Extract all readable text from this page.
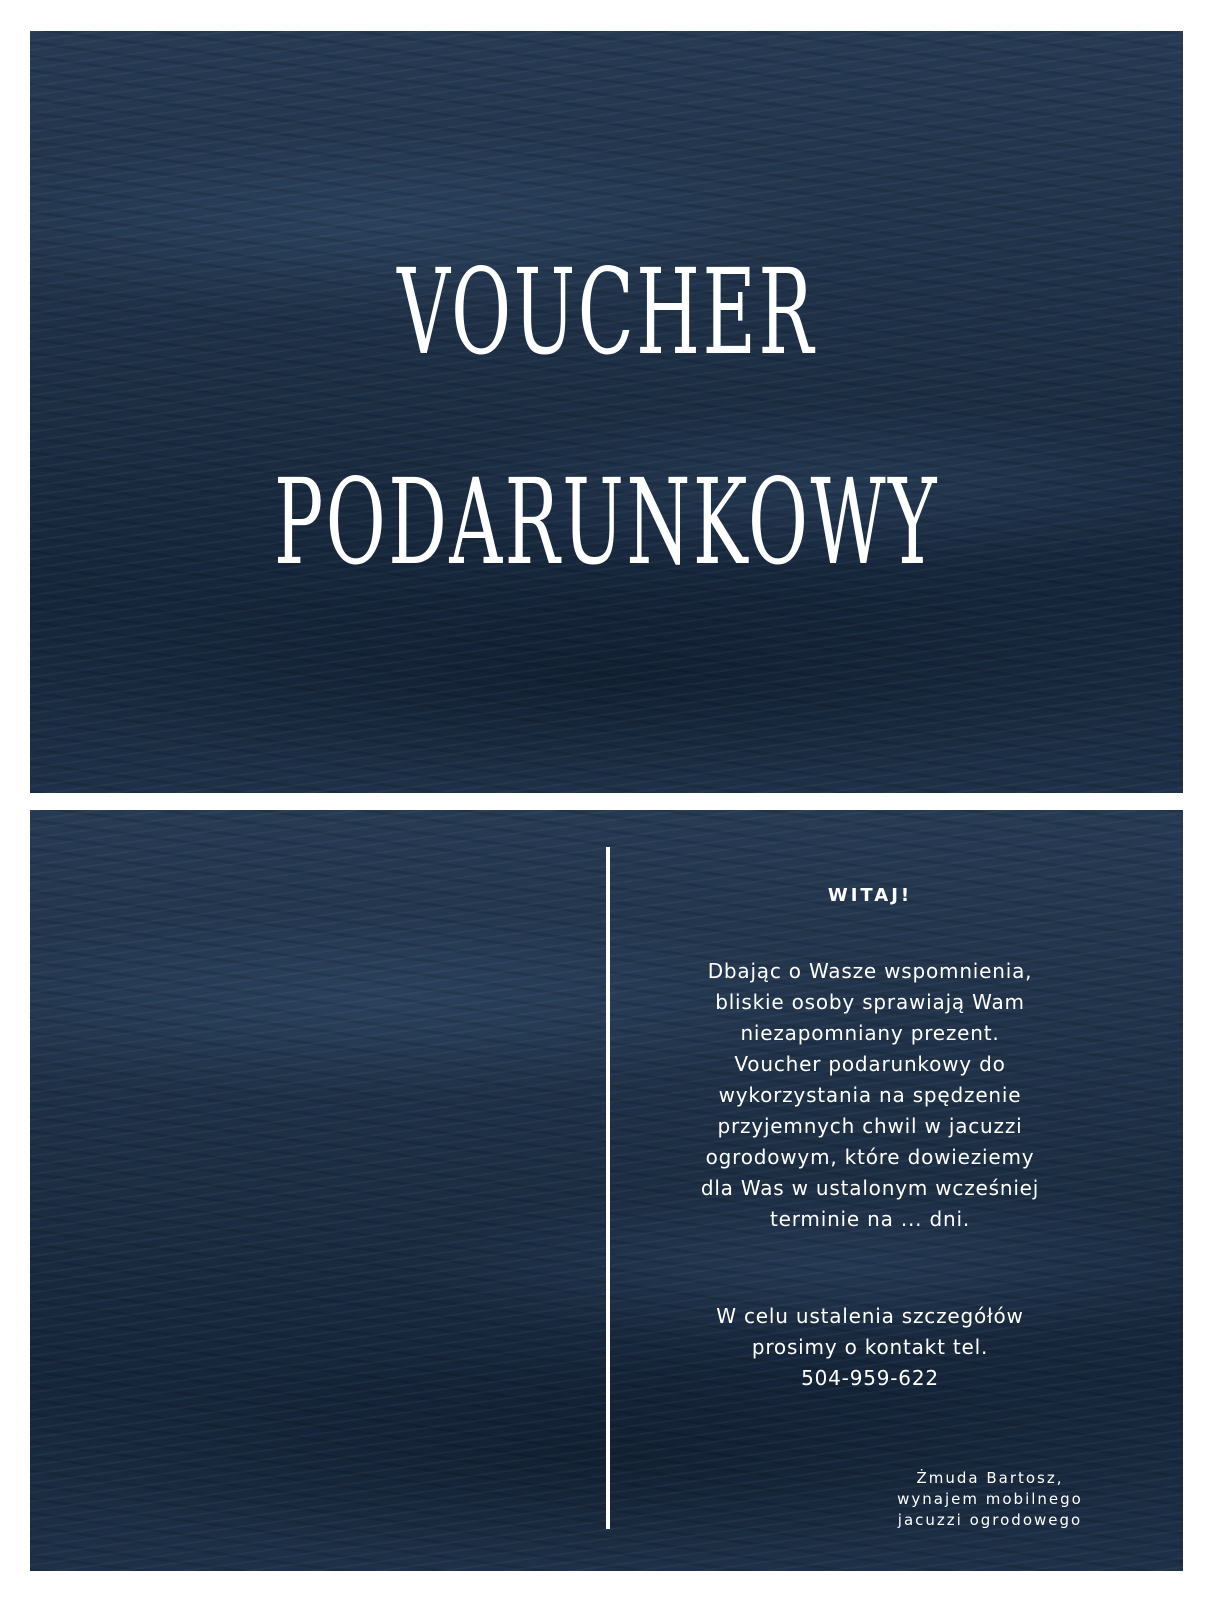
VOUCHER
PODARUNKOWY
WITAJ!
Dbając o Wasze wspomnienia,
bliskie osoby sprawiają Wam
niezapomniany prezent.
Voucher podarunkowy do
wykorzystania na spędzenie
przyjemnych chwil w jacuzzi
ogrodowym, które dowieziemy
dla Was w ustalonym wcześniej
terminie na ... dni.
W celu ustalenia szczegółów
prosimy o kontakt tel.
504-959-622
Żmuda Bartosz,
wynajem mobilnego
jacuzzi ogrodowego
